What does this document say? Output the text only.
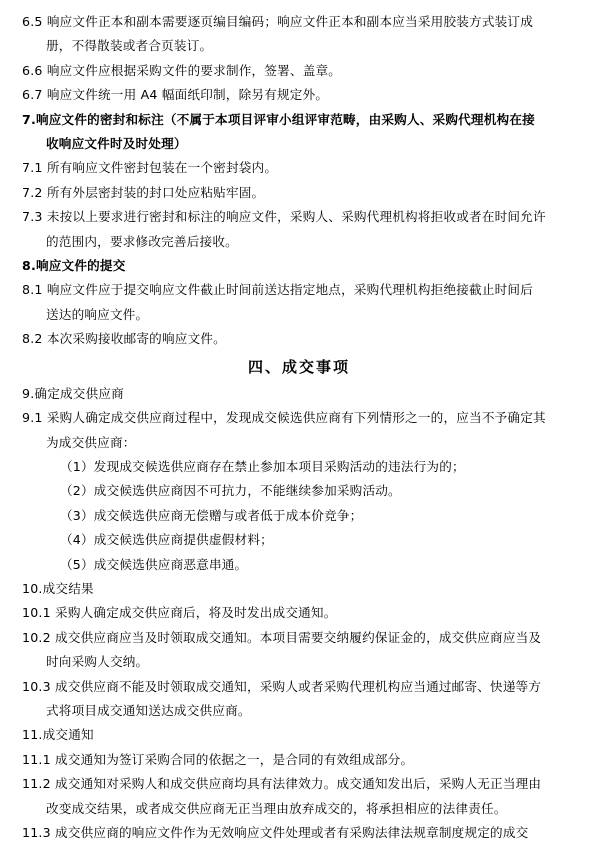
6.5 响应文件正本和副本需要逐页编目编码；响应文件正本和副本应当采用胶装方式装订成
册，不得散装或者合页装订。
6.6 响应文件应根据采购文件的要求制作，签署、盖章。
6.7 响应文件统一用 A4 幅面纸印制，除另有规定外。
7.响应文件的密封和标注（不属于本项目评审小组评审范畴，由采购人、采购代理机构在接
收响应文件时及时处理）
7.1 所有响应文件密封包装在一个密封袋内。
7.2 所有外层密封装的封口处应粘贴牢固。
7.3 未按以上要求进行密封和标注的响应文件，采购人、采购代理机构将拒收或者在时间允许
的范围内，要求修改完善后接收。
8.响应文件的提交
8.1 响应文件应于提交响应文件截止时间前送达指定地点，采购代理机构拒绝接截止时间后
送达的响应文件。
8.2 本次采购接收邮寄的响应文件。
四、成交事项
9.确定成交供应商
9.1 采购人确定成交供应商过程中，发现成交候选供应商有下列情形之一的，应当不予确定其
为成交供应商：
（1）发现成交候选供应商存在禁止参加本项目采购活动的违法行为的；
（2）成交候选供应商因不可抗力，不能继续参加采购活动。
（3）成交候选供应商无偿赠与或者低于成本价竞争；
（4）成交候选供应商提供虚假材料；
（5）成交候选供应商恶意串通。
10.成交结果
10.1 采购人确定成交供应商后，将及时发出成交通知。
10.2 成交供应商应当及时领取成交通知。本项目需要交纳履约保证金的，成交供应商应当及
时向采购人交纳。
10.3 成交供应商不能及时领取成交通知，采购人或者采购代理机构应当通过邮寄、快递等方
式将项目成交通知送达成交供应商。
11.成交通知
11.1 成交通知为签订采购合同的依据之一，是合同的有效组成部分。
11.2 成交通知对采购人和成交供应商均具有法律效力。成交通知发出后，采购人无正当理由
改变成交结果，或者成交供应商无正当理由放弃成交的，将承担相应的法律责任。
11.3 成交供应商的响应文件作为无效响应文件处理或者有采购法律法规章制度规定的成交
